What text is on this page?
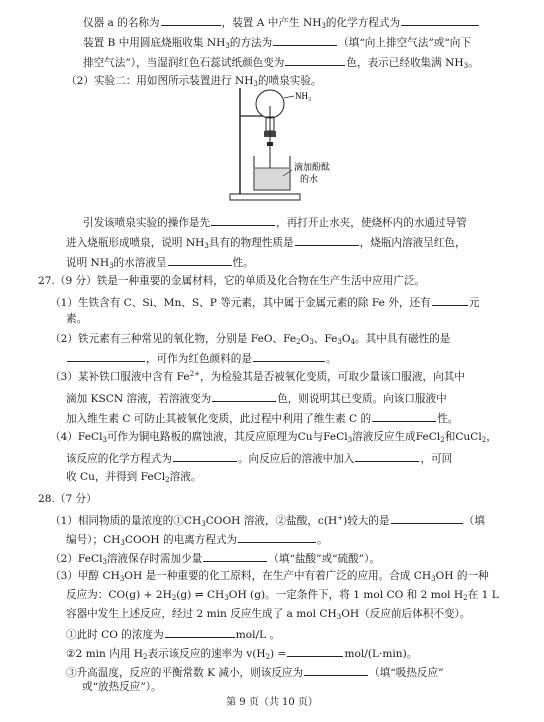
仪器 a 的名称为	，装置 A 中产生 $NH_3$的化学方程式为
装置 B 中用圆底烧瓶收集 $NH_3$的方法为	（填“向上排空气法”或“向下
排空气法”），当湿润红色石蕊试纸颜色变为	色，表示已经收集满 $NH_3$。
（2）实验二：用如图所示装置进行 $NH_3$的喷泉实验。
NH₃
滴加酚酞
的水
引发该喷泉实验的操作是先	，再打开止水夹，使烧杯内的水通过导管
进入烧瓶形成喷泉，说明 $NH_3$具有的物理性质是	，烧瓶内溶液呈红色，
说明 $NH_3$的水溶液呈	性。
27.（9 分）铁是一种重要的金属材料，它的单质及化合物在生产生活中应用广泛。
（1）生铁含有 C、Si、Mn、S、P 等元素，其中属于金属元素的除 Fe 外，还有	元
素。
（2）铁元素有三种常见的氧化物，分别是 FeO、$Fe_2O_3$、$Fe_3O_4$。其中具有磁性的是
，可作为红色颜料的是	。
（3）某补铁口服液中含有 $Fe^{2+}$，为检验其是否被氧化变质，可取少量该口服液，向其中
滴加 KSCN 溶液，若溶液变为	色，则说明其已变质。向该口服液中
加入维生素 C 可防止其被氧化变质，此过程中利用了维生素 C 的	性。
（4）FeCl$_3$可作为铜电路板的腐蚀液，其反应原理为Cu与FeCl$_3$溶液反应生成FeCl$_2$和CuCl$_2$，
该反应的化学方程式为	。向反应后的溶液中加入	，可回
收 Cu，并得到 FeCl$_2$溶液。
28.（7 分）
（1）相同物质的量浓度的$①CH_3COOH$ 溶液，②盐酸，c(H+)较大的是	（填
编号）；$CH_3COOH$ 的电离方程式为	。
（2）FeCl$_3$溶液保存时需加少量	（填“盐酸”或“硫酸”）。
（3）甲醇 $CH_3OH$ 是一种重要的化工原料，在生产中有着广泛的应用。合成 $CH_3OH$ 的一种
反应为：$CO(g) + 2H_2(g)$ ⇌ $CH_3OH$ (g)。一定条件下，将 1 mol CO 和 2 mol $H_2$在 1 L
容器中发生上述反应，经过 2 min 反应生成了 a mol $CH_3OH$（反应前后体积不变）。
①此时 CO 的浓度为	mol/L 。
②2 min 内用 $H_2$表示该反应的速率为 $v(H_2)$ =	mol/(L·min)。
③升高温度，反应的平衡常数 K 减小，则该反应为	（填“吸热反应”
或“放热反应”）。
第 9 页（共 10 页）
